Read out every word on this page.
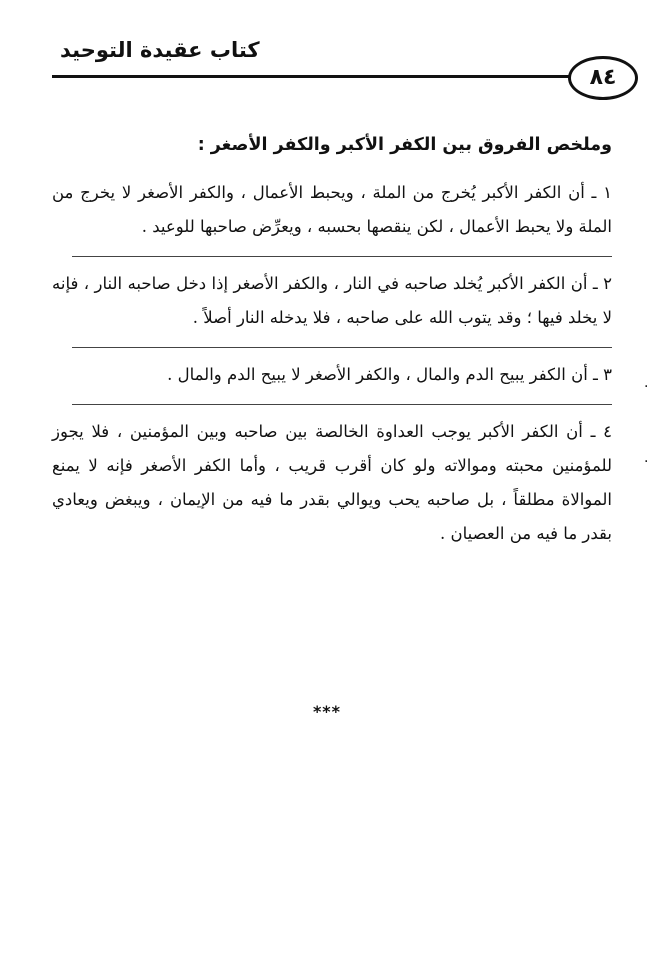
كتاب عقيدة التوحيد
٨٤

وملخص الفروق بين الكفر الأكبر والكفر الأصغر :

١ ـ أن الكفر الأكبر يُخرج من الملة ، ويحبط الأعمال ، والكفر الأصغر لا يخرج من الملة ولا يحبط الأعمال ، لكن ينقصها بحسبه ، ويعرِّض صاحبها للوعيد .

٢ ـ أن الكفر الأكبر يُخلد صاحبه في النار ، والكفر الأصغر إذا دخل صاحبه النار ، فإنه لا يخلد فيها ؛ وقد يتوب الله على صاحبه ، فلا يدخله النار أصلاً .

٣ ـ أن الكفر يبيح الدم والمال ، والكفر الأصغر لا يبيح الدم والمال .

٤ ـ أن الكفر الأكبر يوجب العداوة الخالصة بين صاحبه وبين المؤمنين ، فلا يجوز للمؤمنين محبته وموالاته ولو كان أقرب قريب ، وأما الكفر الأصغر فإنه لا يمنع الموالاة مطلقاً ، بل صاحبه يحب ويوالي بقدر ما فيه من الإيمان ، ويبغض ويعادي بقدر ما فيه من العصيان .

***
.
.
